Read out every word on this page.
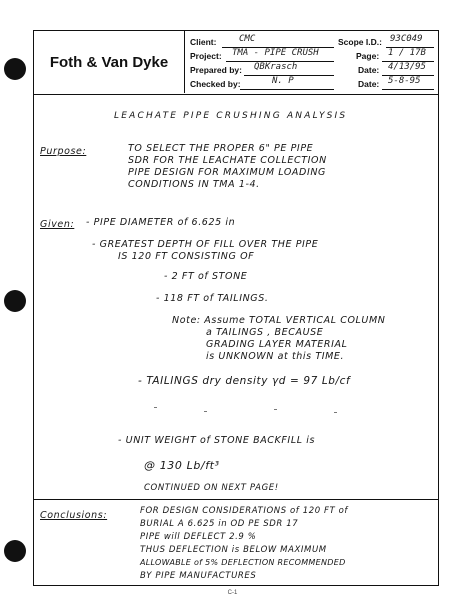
Foth & Van Dyke
Client:	CMC
Project: TMA - PIPE CRUSH
Prepared by: QBKrasch
Checked by:	N. P
Scope I.D.: 93C049
Page: 1 / 17B
Date: 4/13/95
Date: 5-8-95
LEACHATE PIPE CRUSHING ANALYSIS
Purpose:	TO SELECT THE PROPER 6" PE PIPE
SDR FOR THE LEACHATE COLLECTION
PIPE DESIGN FOR MAXIMUM LOADING
CONDITIONS IN TMA 1-4.
Given: - PIPE DIAMETER of 6.625 in
- GREATEST DEPTH OF FILL OVER THE PIPE
IS 120 FT CONSISTING OF
- 2 FT of STONE
- 118 FT of TAILINGS.
Note: Assume TOTAL VERTICAL COLUMN
a TAILINGS , BECAUSE
GRADING LAYER MATERIAL
is UNKNOWN at this TIME.
- TAILINGS dry density γd = 97 Lb/cf
- UNIT WEIGHT of STONE BACKFILL is
@ 130 Lb/ft³
CONTINUED ON NEXT PAGE!
Conclusions:	FOR DESIGN CONSIDERATIONS of 120 FT of
BURIAL A 6.625 in OD PE SDR 17
PIPE will DEFLECT 2.9 %
THUS DEFLECTION is BELOW MAXIMUM
ALLOWABLE of 5% DEFLECTION RECOMMENDED
BY PIPE MANUFACTURES
C-1
